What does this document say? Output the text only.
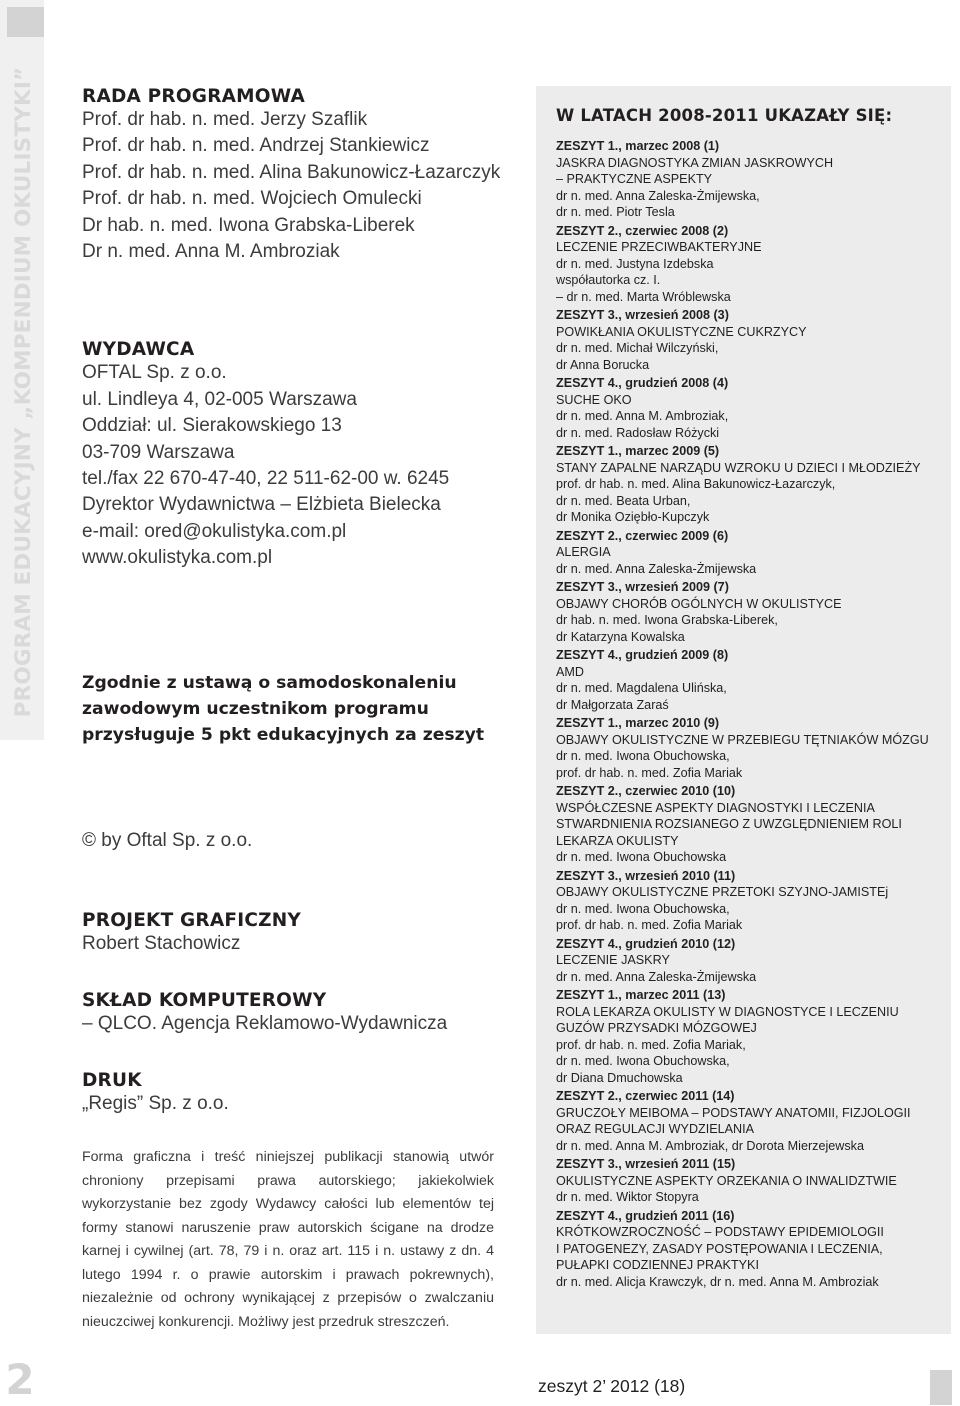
PROGRAM EDUKACYJNY „KOMPENDIUM OKULISTYKI”
2
RADA PROGRAMOWA
Prof. dr hab. n. med. Jerzy Szaflik
Prof. dr hab. n. med. Andrzej Stankiewicz
Prof. dr hab. n. med. Alina Bakunowicz-Łazarczyk
Prof. dr hab. n. med. Wojciech Omulecki
Dr hab. n. med. Iwona Grabska-Liberek
Dr n. med. Anna M. Ambroziak
WYDAWCA
OFTAL Sp. z o.o.
ul. Lindleya 4, 02-005 Warszawa
Oddział: ul. Sierakowskiego 13
03-709 Warszawa
tel./fax 22 670-47-40, 22 511-62-00 w. 6245
Dyrektor Wydawnictwa – Elżbieta Bielecka
e-mail: ored@okulistyka.com.pl
www.okulistyka.com.pl
Zgodnie z ustawą o samodoskonaleniu
zawodowym uczestnikom programu
przysługuje 5 pkt edukacyjnych za zeszyt
© by Oftal Sp. z o.o.
PROJEKT GRAFICZNY
Robert Stachowicz
SKŁAD KOMPUTEROWY
– QLCO. Agencja Reklamowo-Wydawnicza
DRUK
„Regis” Sp. z o.o.
Forma graficzna i treść niniejszej publikacji stanowią utwór chroniony przepisami prawa autorskiego; jakiekolwiek wykorzystanie bez zgody Wydawcy całości lub elementów tej formy stanowi naruszenie praw autorskich ścigane na drodze karnej i cywilnej (art. 78, 79 i n. oraz art. 115 i n. ustawy z dn. 4 lutego 1994 r. o prawie autorskim i prawach pokrewnych), niezależnie od ochrony wynikającej z przepisów o zwalczaniu nieuczciwej konkurencji. Możliwy jest przedruk streszczeń.
W LATACH 2008-2011 UKAZAŁY SIĘ:
ZESZYT 1., marzec 2008 (1)
JASKRA DIAGNOSTYKA ZMIAN JASKROWYCH
– PRAKTYCZNE ASPEKTY
dr n. med. Anna Zaleska-Żmijewska,
dr n. med. Piotr Tesla
ZESZYT 2., czerwiec 2008 (2)
LECZENIE PRZECIWBAKTERYJNE
dr n. med. Justyna Izdebska
współautorka cz. I.
– dr n. med. Marta Wróblewska
ZESZYT 3., wrzesień 2008 (3)
POWIKŁANIA OKULISTYCZNE CUKRZYCY
dr n. med. Michał Wilczyński,
dr Anna Borucka
ZESZYT 4., grudzień 2008 (4)
SUCHE OKO
dr n. med. Anna M. Ambroziak,
dr n. med. Radosław Różycki
ZESZYT 1., marzec 2009 (5)
STANY ZAPALNE NARZĄDU WZROKU U DZIECI I MŁODZIEŻY
prof. dr hab. n. med. Alina Bakunowicz-Łazarczyk,
dr n. med. Beata Urban,
dr Monika Oziębło-Kupczyk
ZESZYT 2., czerwiec 2009 (6)
ALERGIA
dr n. med. Anna Zaleska-Żmijewska
ZESZYT 3., wrzesień 2009 (7)
OBJAWY CHORÓB OGÓLNYCH W OKULISTYCE
dr hab. n. med. Iwona Grabska-Liberek,
dr Katarzyna Kowalska
ZESZYT 4., grudzień 2009 (8)
AMD
dr n. med. Magdalena Ulińska,
dr Małgorzata Zaraś
ZESZYT 1., marzec 2010 (9)
OBJAWY OKULISTYCZNE W PRZEBIEGU TĘTNIAKÓW MÓZGU
dr n. med. Iwona Obuchowska,
prof. dr hab. n. med. Zofia Mariak
ZESZYT 2., czerwiec 2010 (10)
WSPÓŁCZESNE ASPEKTY DIAGNOSTYKI I LECZENIA
STWARDNIENIA ROZSIANEGO Z UWZGLĘDNIENIEM ROLI
LEKARZA OKULISTY
dr n. med. Iwona Obuchowska
ZESZYT 3., wrzesień 2010 (11)
OBJAWY OKULISTYCZNE PRZETOKI SZYJNO-JAMISTEj
dr n. med. Iwona Obuchowska,
prof. dr hab. n. med. Zofia Mariak
ZESZYT 4., grudzień 2010 (12)
LECZENIE JASKRY
dr n. med. Anna Zaleska-Żmijewska
ZESZYT 1., marzec 2011 (13)
ROLA LEKARZA OKULISTY W DIAGNOSTYCE I LECZENIU
GUZÓW PRZYSADKI MÓZGOWEJ
prof. dr hab. n. med. Zofia Mariak,
dr n. med. Iwona Obuchowska,
dr Diana Dmuchowska
ZESZYT 2., czerwiec 2011 (14)
GRUCZOŁY MEIBOMA – PODSTAWY ANATOMII, FIZJOLOGII
ORAZ REGULACJI WYDZIELANIA
dr n. med. Anna M. Ambroziak, dr Dorota Mierzejewska
ZESZYT 3., wrzesień 2011 (15)
OKULISTYCZNE ASPEKTY ORZEKANIA O INWALIDZTWIE
dr n. med. Wiktor Stopyra
ZESZYT 4., grudzień 2011 (16)
KRÓTKOWZROCZNOŚĆ – PODSTAWY EPIDEMIOLOGII
I PATOGENEZY, ZASADY POSTĘPOWANIA I LECZENIA,
PUŁAPKI CODZIENNEJ PRAKTYKI
dr n. med. Alicja Krawczyk, dr n. med. Anna M. Ambroziak
zeszyt 2’ 2012 (18)
